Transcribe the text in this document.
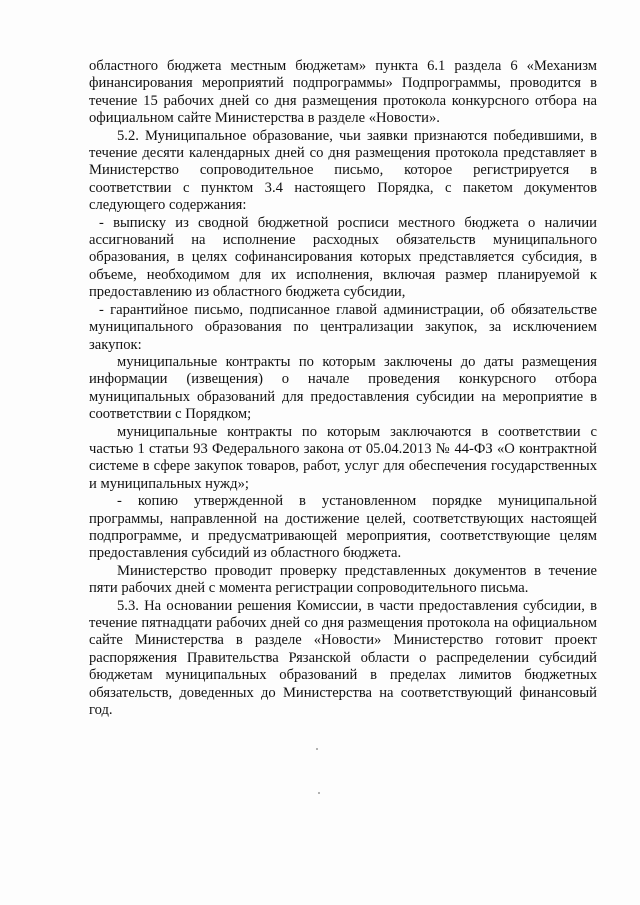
областного бюджета местным бюджетам» пункта 6.1 раздела 6 «Механизм финансирования мероприятий подпрограммы» Подпрограммы, проводится в течение 15 рабочих дней со дня размещения протокола конкурсного отбора на официальном сайте Министерства в разделе «Новости».

5.2. Муниципальное образование, чьи заявки признаются победившими, в течение десяти календарных дней со дня размещения протокола представляет в Министерство сопроводительное письмо, которое регистрируется в соответствии с пунктом 3.4 настоящего Порядка, с пакетом документов следующего содержания:

- выписку из сводной бюджетной росписи местного бюджета о наличии ассигнований на исполнение расходных обязательств муниципального образования, в целях софинансирования которых представляется субсидия, в объеме, необходимом для их исполнения, включая размер планируемой к предоставлению из областного бюджета субсидии,

- гарантийное письмо, подписанное главой администрации, об обязательстве муниципального образования по централизации закупок, за исключением закупок:

муниципальные контракты по которым заключены до даты размещения информации (извещения) о начале проведения конкурсного отбора муниципальных образований для предоставления субсидии на мероприятие в соответствии с Порядком;

муниципальные контракты по которым заключаются в соответствии с частью 1 статьи 93 Федерального закона от 05.04.2013 № 44-ФЗ «О контрактной системе в сфере закупок товаров, работ, услуг для обеспечения государственных и муниципальных нужд»;

- копию утвержденной в установленном порядке муниципальной программы, направленной на достижение целей, соответствующих настоящей подпрограмме, и предусматривающей мероприятия, соответствующие целям предоставления субсидий из областного бюджета.

Министерство проводит проверку представленных документов в течение пяти рабочих дней с момента регистрации сопроводительного письма.

5.3. На основании решения Комиссии, в части предоставления субсидии, в течение пятнадцати рабочих дней со дня размещения протокола на официальном сайте Министерства в разделе «Новости» Министерство готовит проект распоряжения Правительства Рязанской области о распределении субсидий бюджетам муниципальных образований в пределах лимитов бюджетных обязательств, доведенных до Министерства на соответствующий финансовый год.
